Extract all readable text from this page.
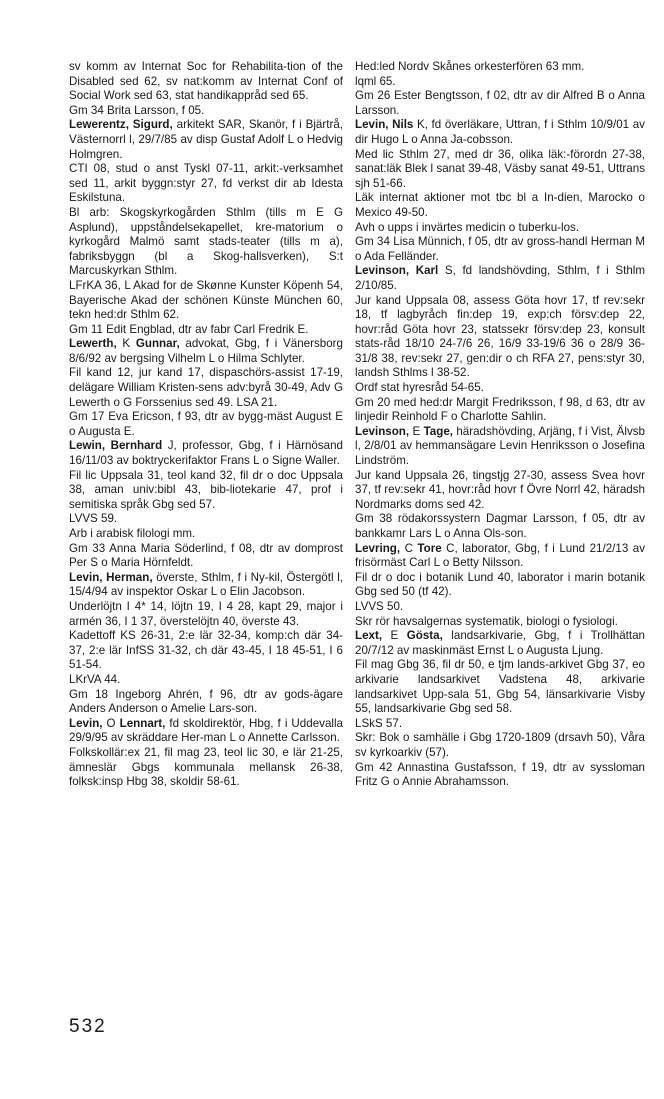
sv komm av Internat Soc for Rehabilita-tion of the Disabled sed 62, sv nat:komm av Internat Conf of Social Work sed 63, stat handikappråd sed 65.

Gm 34 Brita Larsson, f 05.

Lewerentz, Sigurd, arkitekt SAR, Skanör, f i Bjärtrå, Västernorrl l, 29/7/85 av disp Gustaf Adolf L o Hedvig Holmgren.

CTI 08, stud o anst Tyskl 07-11, arkit:-verksamhet sed 11, arkit byggn:styr 27, fd verkst dir ab Idesta Eskilstuna.

Bl arb: Skogskyrkogården Sthlm (tills m E G Asplund), uppståndelsekapellet, kre-matorium o kyrkogård Malmö samt stads-teater (tills m a), fabriksbyggn (bl a Skog-hallsverken), S:t Marcuskyrkan Sthlm.

LFrKA 36, L Akad for de Skønne Kunster Köpenh 54, Bayerische Akad der schönen Künste München 60, tekn hed:dr Sthlm 62.

Gm 11 Edit Engblad, dtr av fabr Carl Fredrik E.

Lewerth, K Gunnar, advokat, Gbg, f i Vänersborg 8/6/92 av bergsing Vilhelm L o Hilma Schlyter.

Fil kand 12, jur kand 17, dispaschörs-assist 17-19, delägare William Kristen-sens adv:byrå 30-49, Adv G Lewerth o G Forssenius sed 49. LSA 21.

Gm 17 Eva Ericson, f 93, dtr av bygg-mäst August E o Augusta E.

Lewin, Bernhard J, professor, Gbg, f i Härnösand 16/11/03 av boktryckerifaktor Frans L o Signe Waller.

Fil lic Uppsala 31, teol kand 32, fil dr o doc Uppsala 38, aman univ:bibl 43, bib-liotekarie 47, prof i semitiska språk Gbg sed 57.

LVVS 59.

Arb i arabisk filologi mm.

Gm 33 Anna Maria Söderlind, f 08, dtr av domprost Per S o Maria Hörnfeldt.

Levin, Herman, överste, Sthlm, f i Ny-kil, Östergötl l, 15/4/94 av inspektor Oskar L o Elin Jacobson.

Underlöjtn I 4* 14, löjtn 19, I 4 28, kapt 29, major i armén 36, I 1 37, överstelöjtn 40, överste 43.

Kadettoff KS 26-31, 2:e lär 32-34, komp:ch där 34-37, 2:e lär InfSS 31-32, ch där 43-45, I 18 45-51, I 6 51-54.

LKrVA 44.

Gm 18 Ingeborg Ahrén, f 96, dtr av gods-ägare Anders Anderson o Amelie Lars-son.

Levin, O Lennart, fd skoldirektör, Hbg, f i Uddevalla 29/9/95 av skräddare Her-man L o Annette Carlsson.

Folkskollär:ex 21, fil mag 23, teol lic 30, e lär 21-25, ämneslär Gbgs kommunala mellansk 26-38, folksk:insp Hbg 38, skoldir 58-61.

Hed:led Nordv Skånes orkesterfören 63 mm.

lqml 65.

Gm 26 Ester Bengtsson, f 02, dtr av dir Alfred B o Anna Larsson.

Levin, Nils K, fd överläkare, Uttran, f i Sthlm 10/9/01 av dir Hugo L o Anna Ja-cobsson.

Med lic Sthlm 27, med dr 36, olika läk:-förordn 27-38, sanat:läk Blek l sanat 39-48, Väsby sanat 49-51, Uttrans sjh 51-66.

Läk internat aktioner mot tbc bl a In-dien, Marocko o Mexico 49-50.

Avh o upps i invärtes medicin o tuberku-los.

Gm 34 Lisa Münnich, f 05, dtr av gross-handl Herman M o Ada Felländer.

Levinson, Karl S, fd landshövding, Sthlm, f i Sthlm 2/10/85.

Jur kand Uppsala 08, assess Göta hovr 17, tf rev:sekr 18, tf lagbyråch fin:dep 19, exp:ch försv:dep 22, hovr:råd Göta hovr 23, statssekr försv:dep 23, konsult stats-råd 18/10 24-7/6 26, 16/9 33-19/6 36 o 28/9 36-31/8 38, rev:sekr 27, gen:dir o ch RFA 27, pens:styr 30, landsh Sthlms l 38-52.

Ordf stat hyresråd 54-65.

Gm 20 med hed:dr Margit Fredriksson, f 98, d 63, dtr av linjedir Reinhold F o Charlotte Sahlin.

Levinson, E Tage, häradshövding, Arjäng, f i Vist, Älvsb l, 2/8/01 av hemmansägare Levin Henriksson o Josefina Lindström.

Jur kand Uppsala 26, tingstjg 27-30, assess Svea hovr 37, tf rev:sekr 41, hovr:råd hovr f Övre Norrl 42, häradsh Nordmarks doms sed 42.

Gm 38 rödakorssystern Dagmar Larsson, f 05, dtr av bankkamr Lars L o Anna Ols-son.

Levring, C Tore C, laborator, Gbg, f i Lund 21/2/13 av frisörmäst Carl L o Betty Nilsson.

Fil dr o doc i botanik Lund 40, laborator i marin botanik Gbg sed 50 (tf 42).

LVVS 50.

Skr rör havsalgernas systematik, biologi o fysiologi.

Lext, E Gösta, landsarkivarie, Gbg, f i Trollhättan 20/7/12 av maskinmäst Ernst L o Augusta Ljung.

Fil mag Gbg 36, fil dr 50, e tjm lands-arkivet Gbg 37, eo arkivarie landsarkivet Vadstena 48, arkivarie landsarkivet Upp-sala 51, Gbg 54, länsarkivarie Visby 55, landsarkivarie Gbg sed 58.

LSkS 57.

Skr: Bok o samhälle i Gbg 1720-1809 (drsavh 50), Våra sv kyrkoarkiv (57).

Gm 42 Annastina Gustafsson, f 19, dtr av syssloman Fritz G o Annie Abrahamsson.

532
